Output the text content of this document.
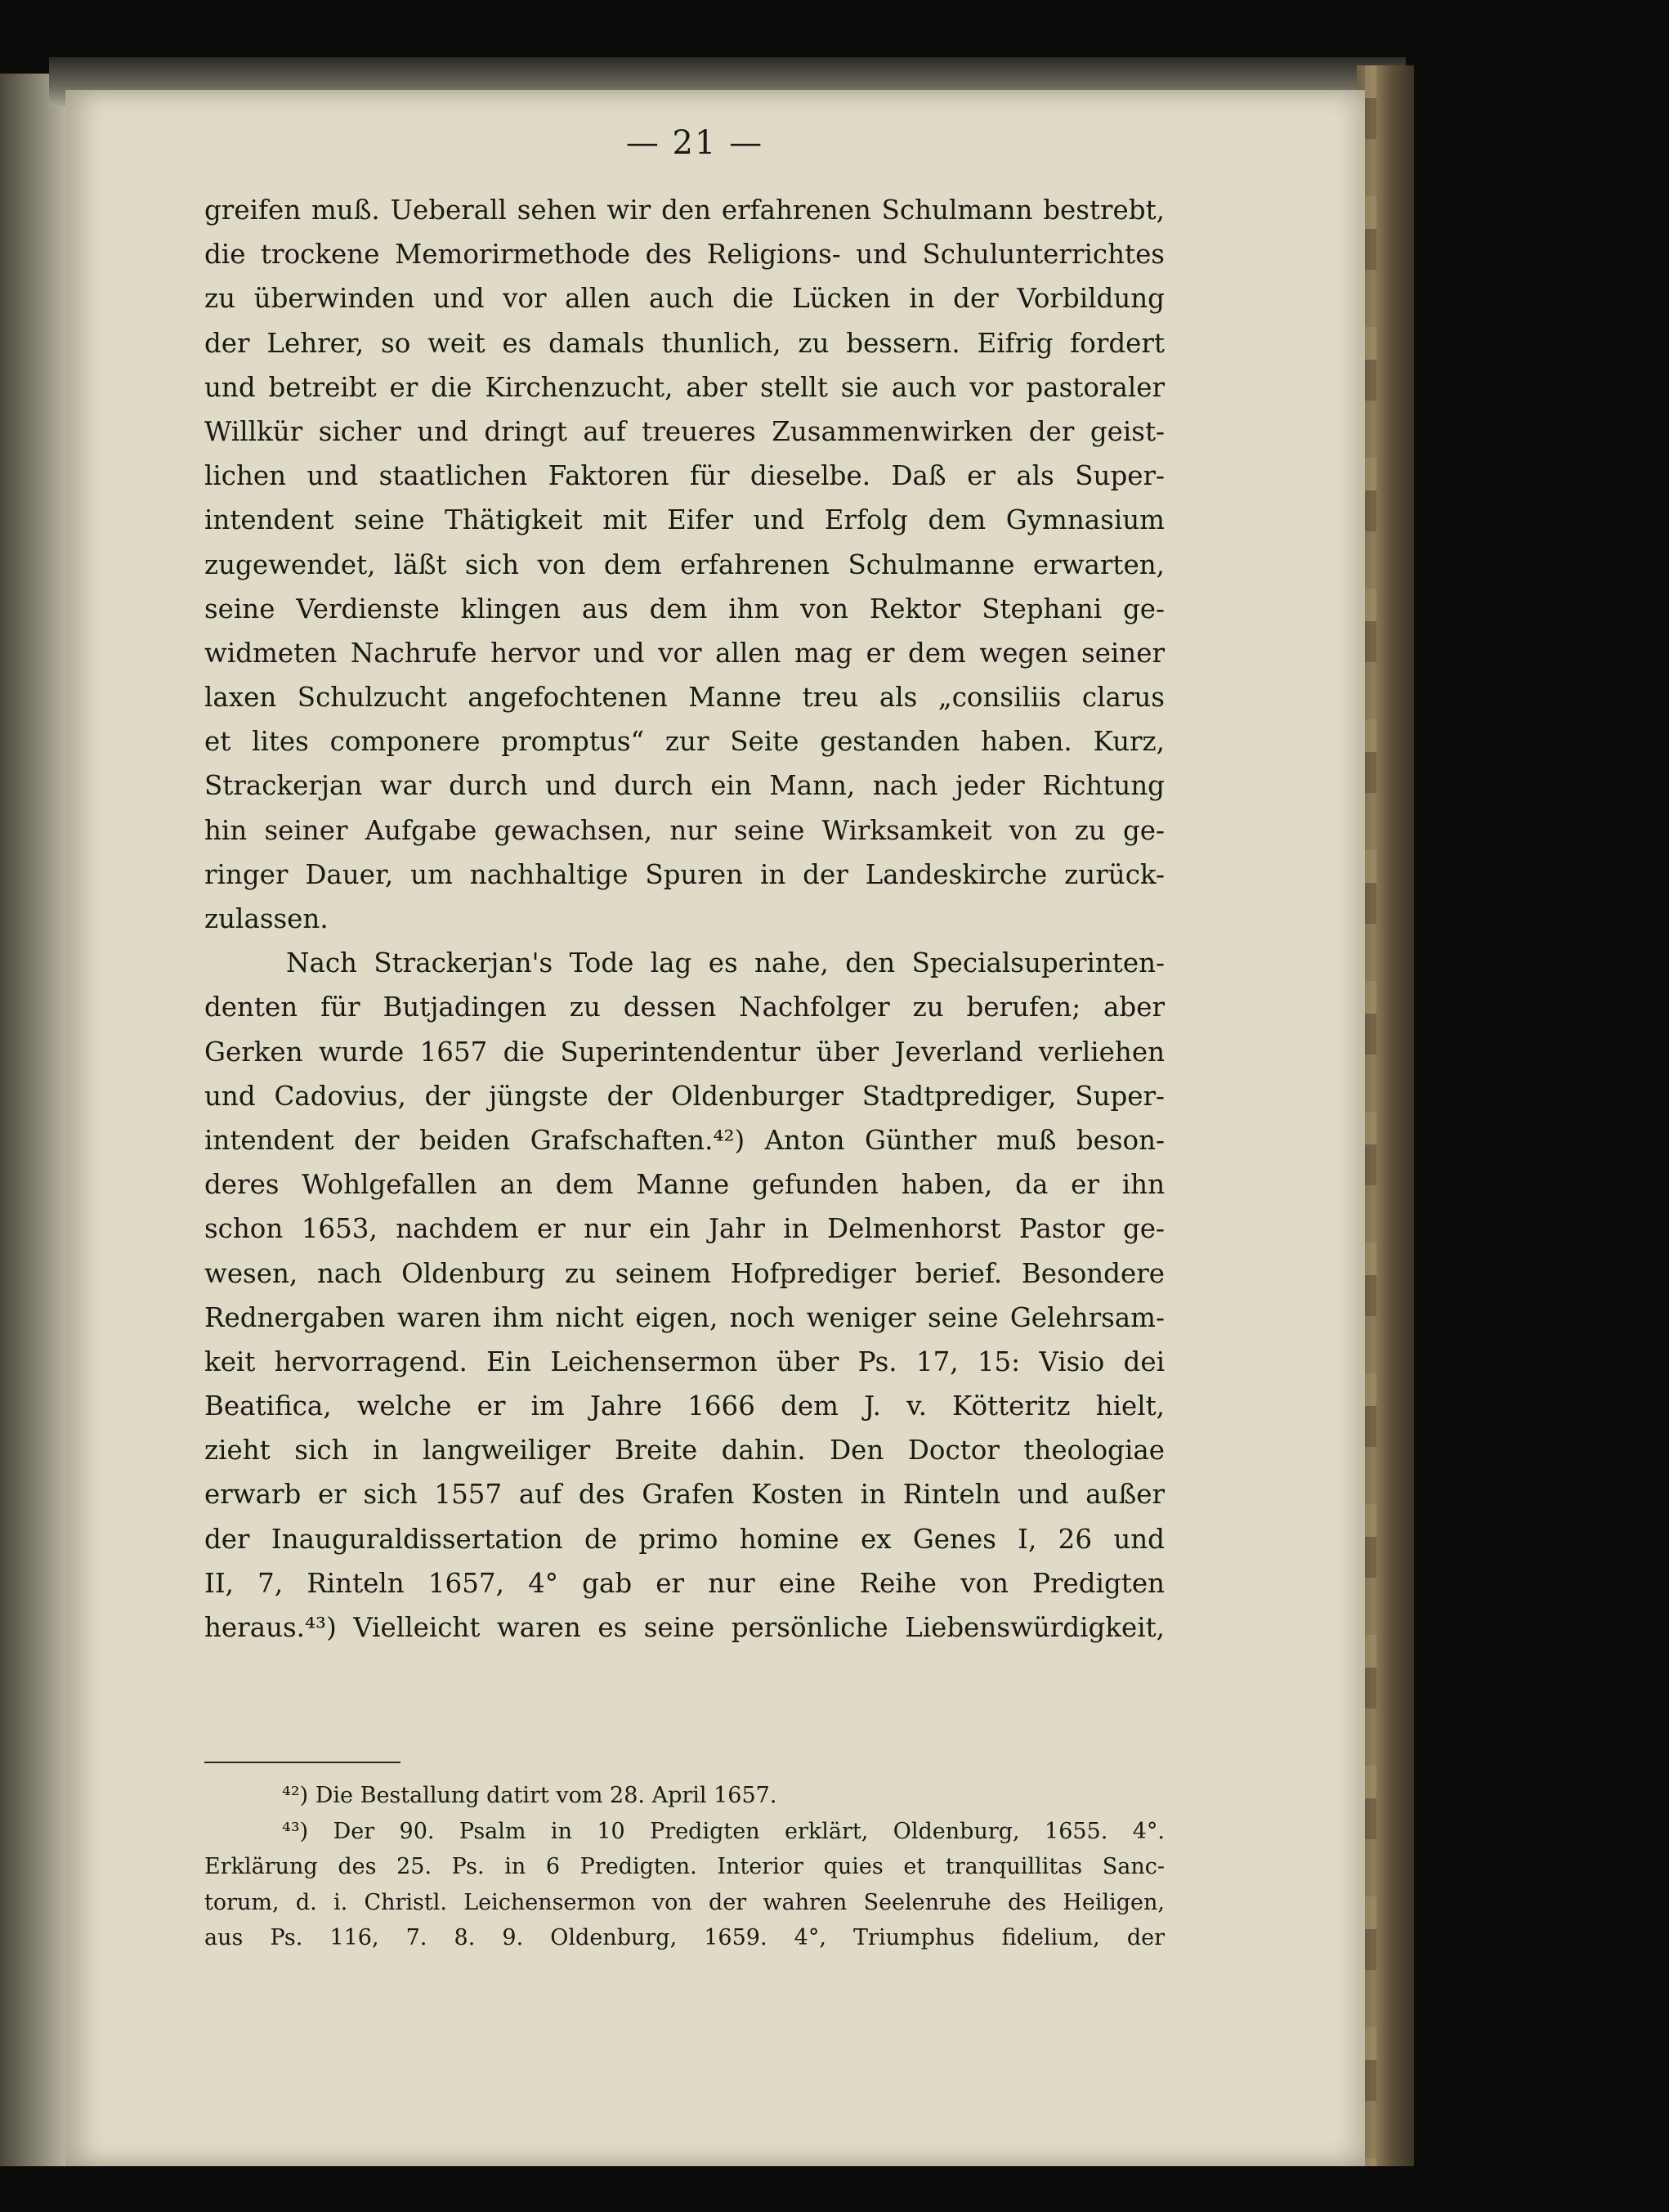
— 21 —
greifen muß. Ueberall sehen wir den erfahrenen Schulmann bestrebt,
die trockene Memorirmethode des Religions- und Schulunterrichtes
zu überwinden und vor allen auch die Lücken in der Vorbildung
der Lehrer, so weit es damals thunlich, zu bessern. Eifrig fordert
und betreibt er die Kirchenzucht, aber stellt sie auch vor pastoraler
Willkür sicher und dringt auf treueres Zusammenwirken der geist-
lichen und staatlichen Faktoren für dieselbe. Daß er als Super-
intendent seine Thätigkeit mit Eifer und Erfolg dem Gymnasium
zugewendet, läßt sich von dem erfahrenen Schulmanne erwarten,
seine Verdienste klingen aus dem ihm von Rektor Stephani ge-
widmeten Nachrufe hervor und vor allen mag er dem wegen seiner
laxen Schulzucht angefochtenen Manne treu als „consiliis clarus
et lites componere promptus“ zur Seite gestanden haben. Kurz,
Strackerjan war durch und durch ein Mann, nach jeder Richtung
hin seiner Aufgabe gewachsen, nur seine Wirksamkeit von zu ge-
ringer Dauer, um nachhaltige Spuren in der Landeskirche zurück-
zulassen.
Nach Strackerjan's Tode lag es nahe, den Specialsuperinten-
denten für Butjadingen zu dessen Nachfolger zu berufen; aber
Gerken wurde 1657 die Superintendentur über Jeverland verliehen
und Cadovius, der jüngste der Oldenburger Stadtprediger, Super-
intendent der beiden Grafschaften.⁴²) Anton Günther muß beson-
deres Wohlgefallen an dem Manne gefunden haben, da er ihn
schon 1653, nachdem er nur ein Jahr in Delmenhorst Pastor ge-
wesen, nach Oldenburg zu seinem Hofprediger berief. Besondere
Rednergaben waren ihm nicht eigen, noch weniger seine Gelehrsam-
keit hervorragend. Ein Leichensermon über Ps. 17, 15: Visio dei
Beatifica, welche er im Jahre 1666 dem J. v. Kötteritz hielt,
zieht sich in langweiliger Breite dahin. Den Doctor theologiae
erwarb er sich 1557 auf des Grafen Kosten in Rinteln und außer
der Inauguraldissertation de primo homine ex Genes I, 26 und
II, 7, Rinteln 1657, 4° gab er nur eine Reihe von Predigten
heraus.⁴³) Vielleicht waren es seine persönliche Liebenswürdigkeit,
⁴²) Die Bestallung datirt vom 28. April 1657.
⁴³) Der 90. Psalm in 10 Predigten erklärt, Oldenburg, 1655. 4°.
Erklärung des 25. Ps. in 6 Predigten. Interior quies et tranquillitas Sanc-
torum, d. i. Christl. Leichensermon von der wahren Seelenruhe des Heiligen,
aus Ps. 116, 7. 8. 9. Oldenburg, 1659. 4°, Triumphus fidelium, der
